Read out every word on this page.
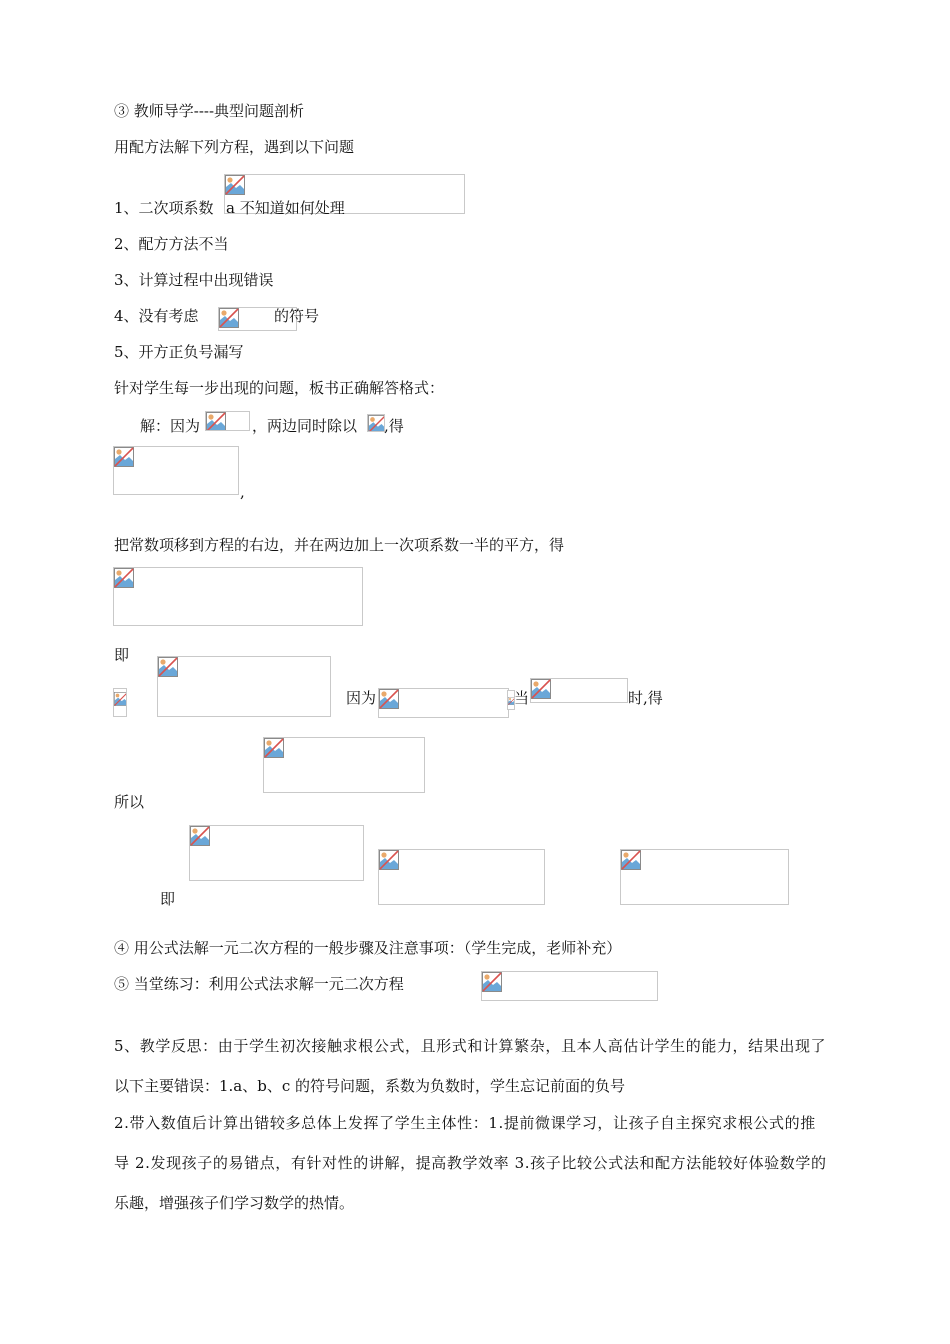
③ 教师导学----典型问题剖析
用配方法解下列方程，遇到以下问题
1、二次项系数 a 不知道如何处理
2、配方方法不当
3、计算过程中出现错误
4、没有考虑	的符号
5、开方正负号漏写
针对学生每一步出现的问题，板书正确解答格式：
解：因为	，两边同时除以 ,得
,
把常数项移到方程的右边，并在两边加上一次项系数一半的平方，得
即
因为	当	时,得
所以
即
④ 用公式法解一元二次方程的一般步骤及注意事项：（学生完成，老师补充）
⑤ 当堂练习：利用公式法求解一元二次方程
5、教学反思：由于学生初次接触求根公式，且形式和计算繁杂，且本人高估计学生的能力，结果出现了
以下主要错误：1.a、b、c 的符号问题，系数为负数时，学生忘记前面的负号
2.带入数值后计算出错较多总体上发挥了学生主体性：1.提前微课学习，让孩子自主探究求根公式的推
导 2.发现孩子的易错点，有针对性的讲解，提高教学效率 3.孩子比较公式法和配方法能较好体验数学的
乐趣，增强孩子们学习数学的热情。
